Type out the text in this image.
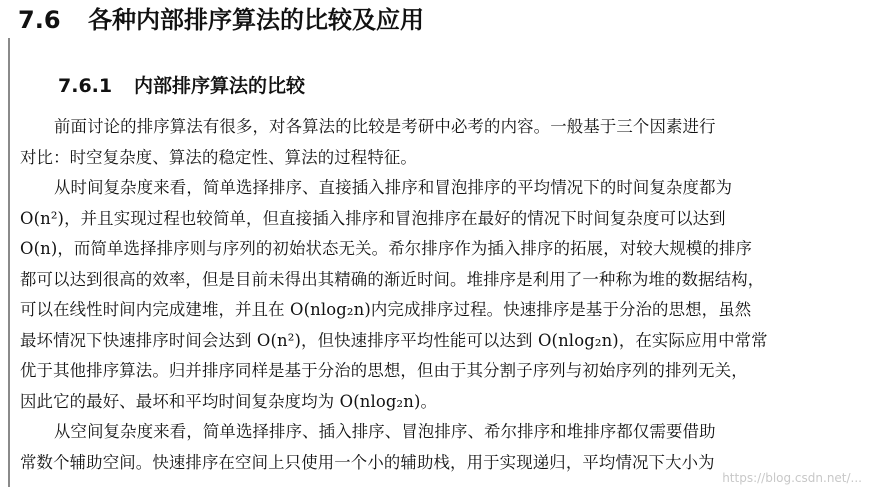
7.6 各种内部排序算法的比较及应用
7.6.1 内部排序算法的比较
前面讨论的排序算法有很多，对各算法的比较是考研中必考的内容。一般基于三个因素进行
对比：时空复杂度、算法的稳定性、算法的过程特征。
从时间复杂度来看，简单选择排序、直接插入排序和冒泡排序的平均情况下的时间复杂度都为
O(n²)，并且实现过程也较简单，但直接插入排序和冒泡排序在最好的情况下时间复杂度可以达到
O(n)，而简单选择排序则与序列的初始状态无关。希尔排序作为插入排序的拓展，对较大规模的排序
都可以达到很高的效率，但是目前未得出其精确的渐近时间。堆排序是利用了一种称为堆的数据结构，
可以在线性时间内完成建堆，并且在 O(nlog₂n)内完成排序过程。快速排序是基于分治的思想，虽然
最坏情况下快速排序时间会达到 O(n²)，但快速排序平均性能可以达到 O(nlog₂n)，在实际应用中常常
优于其他排序算法。归并排序同样是基于分治的思想，但由于其分割子序列与初始序列的排列无关，
因此它的最好、最坏和平均时间复杂度均为 O(nlog₂n)。
从空间复杂度来看，简单选择排序、插入排序、冒泡排序、希尔排序和堆排序都仅需要借助
常数个辅助空间。快速排序在空间上只使用一个小的辅助栈，用于实现递归，平均情况下大小为
https://blog.csdn.net/...
